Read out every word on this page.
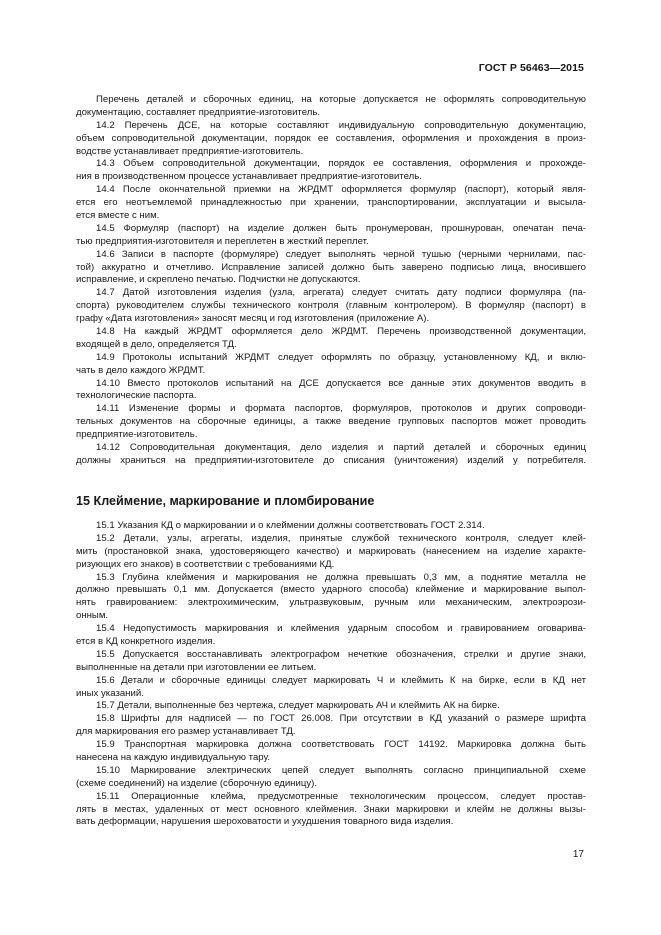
ГОСТ Р 56463—2015
Перечень деталей и сборочных единиц, на которые допускается не оформлять сопроводительную
документацию, составляет предприятие-изготовитель.
14.2 Перечень ДСЕ, на которые составляют индивидуальную сопроводительную документацию,
объем сопроводительной документации, порядок ее составления, оформления и прохождения в произ-
водстве устанавливает предприятие-изготовитель.
14.3 Объем сопроводительной документации, порядок ее составления, оформления и прохожде-
ния в производственном процессе устанавливает предприятие-изготовитель.
14.4 После окончательной приемки на ЖРДМТ оформляется формуляр (паспорт), который явля-
ется его неотъемлемой принадлежностью при хранении, транспортировании, эксплуатации и высыла-
ется вместе с ним.
14.5 Формуляр (паспорт) на изделие должен быть пронумерован, прошнурован, опечатан печа-
тью предприятия-изготовителя и переплетен в жесткий переплет.
14.6 Записи в паспорте (формуляре) следует выполнять черной тушью (черными чернилами, пас-
той) аккуратно и отчетливо. Исправление записей должно быть заверено подписью лица, вносившего
исправление, и скреплено печатью. Подчистки не допускаются.
14.7 Датой изготовления изделия (узла, агрегата) следует считать дату подписи формуляра (па-
спорта) руководителем службы технического контроля (главным контролером). В формуляр (паспорт) в
графу «Дата изготовления» заносят месяц и год изготовления (приложение А).
14.8 На каждый ЖРДМТ оформляется дело ЖРДМТ. Перечень производственной документации,
входящей в дело, определяется ТД.
14.9 Протоколы испытаний ЖРДМТ следует оформлять по образцу, установленному КД, и вклю-
чать в дело каждого ЖРДМТ.
14.10 Вместо протоколов испытаний на ДСЕ допускается все данные этих документов вводить в
технологические паспорта.
14.11 Изменение формы и формата паспортов, формуляров, протоколов и других сопроводи-
тельных документов на сборочные единицы, а также введение групповых паспортов может проводить
предприятие-изготовитель.
14.12 Сопроводительная документация, дело изделия и партий деталей и сборочных единиц
должны храниться на предприятии-изготовителе до списания (уничтожения) изделий у потребителя.
15 Клеймение, маркирование и пломбирование
15.1 Указания КД о маркировании и о клеймении должны соответствовать ГОСТ 2.314.
15.2 Детали, узлы, агрегаты, изделия, принятые службой технического контроля, следует клей-
мить (простановкой знака, удостоверяющего качество) и маркировать (нанесением на изделие характе-
ризующих его знаков) в соответствии с требованиями КД.
15.3 Глубина клеймения и маркирования не должна превышать 0,3 мм, а поднятие металла не
должно превышать 0,1 мм. Допускается (вместо ударного способа) клеймение и маркирование выпол-
нять гравированием: электрохимическим, ультразвуковым, ручным или механическим, электроэрози-
онным.
15.4 Недопустимость маркирования и клеймения ударным способом и гравированием оговарива-
ется в КД конкретного изделия.
15.5 Допускается восстанавливать электрографом нечеткие обозначения, стрелки и другие знаки,
выполненные на детали при изготовлении ее литьем.
15.6 Детали и сборочные единицы следует маркировать Ч и клеймить К на бирке, если в КД нет
иных указаний.
15.7 Детали, выполненные без чертежа, следует маркировать АЧ и клеймить АК на бирке.
15.8 Шрифты для надписей — по ГОСТ 26.008. При отсутствии в КД указаний о размере шрифта
для маркирования его размер устанавливает ТД.
15.9 Транспортная маркировка должна соответствовать ГОСТ 14192. Маркировка должна быть
нанесена на каждую индивидуальную тару.
15.10 Маркирование электрических цепей следует выполнять согласно принципиальной схеме
(схеме соединений) на изделие (сборочную единицу).
15.11 Операционные клейма, предусмотренные технологическим процессом, следует простав-
лять в местах, удаленных от мест основного клеймения. Знаки маркировки и клейм не должны вызы-
вать деформации, нарушения шероховатости и ухудшения товарного вида изделия.
17
